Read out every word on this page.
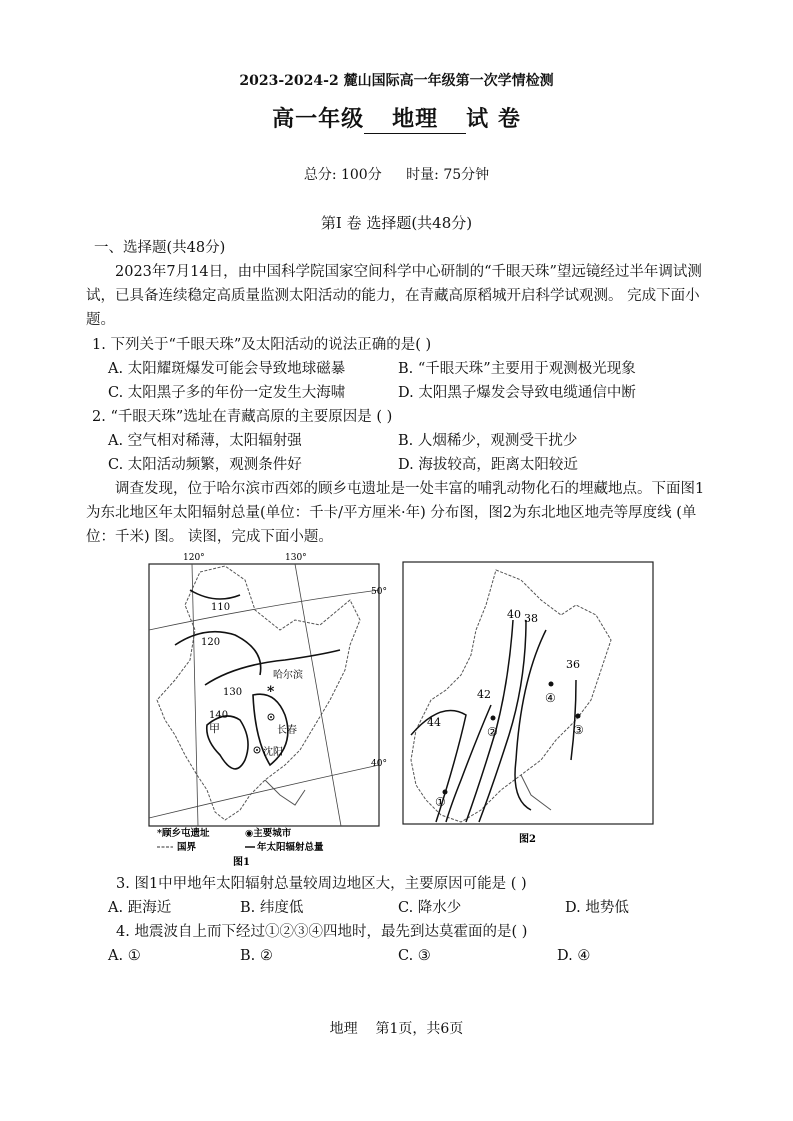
2023-2024-2 麓山国际高一年级第一次学情检测
高一年级 地理 试 卷
总分: 100分 时量: 75分钟
第Ⅰ 卷 选择题(共48分)
一、选择题(共48分)
2023年7月14日，由中国科学院国家空间科学中心研制的“千眼天珠”望远镜经过半年调试测试，已具备连续稳定高质量监测太阳活动的能力，在青藏高原稻城开启科学试观测。 完成下面小题。
1. 下列关于“千眼天珠”及太阳活动的说法正确的是( )
A. 太阳耀斑爆发可能会导致地球磁暴	B. “千眼天珠”主要用于观测极光现象
C. 太阳黑子多的年份一定发生大海啸	D. 太阳黑子爆发会导致电缆通信中断
2. “千眼天珠”选址在青藏高原的主要原因是 ( )
A. 空气相对稀薄，太阳辐射强	B. 人烟稀少，观测受干扰少
C. 太阳活动频繁，观测条件好	D. 海拔较高，距离太阳较近
调查发现，位于哈尔滨市西郊的顾乡屯遗址是一处丰富的哺乳动物化石的埋藏地点。下面图1为东北地区年太阳辐射总量(单位：千卡/平方厘米·年) 分布图，图2为东北地区地壳等厚度线 (单位：千米) 图。 读图，完成下面小题。
120°	130°
50°
40°
110
120
130
140
甲
*
哈尔滨
长春
沈阳
*顾乡屯遗址	◉主要城市
国界	年太阳辐射总量
图1
40 38
36
42
44
①
②	③
④
图2
3. 图1中甲地年太阳辐射总量较周边地区大，主要原因可能是 ( )
A. 距海近	B. 纬度低	C. 降水少	D. 地势低
4. 地震波自上而下经过①②③④四地时，最先到达莫霍面的是( )
A. ①	B. ②	C. ③	D. ④
地理 第1页，共6页
